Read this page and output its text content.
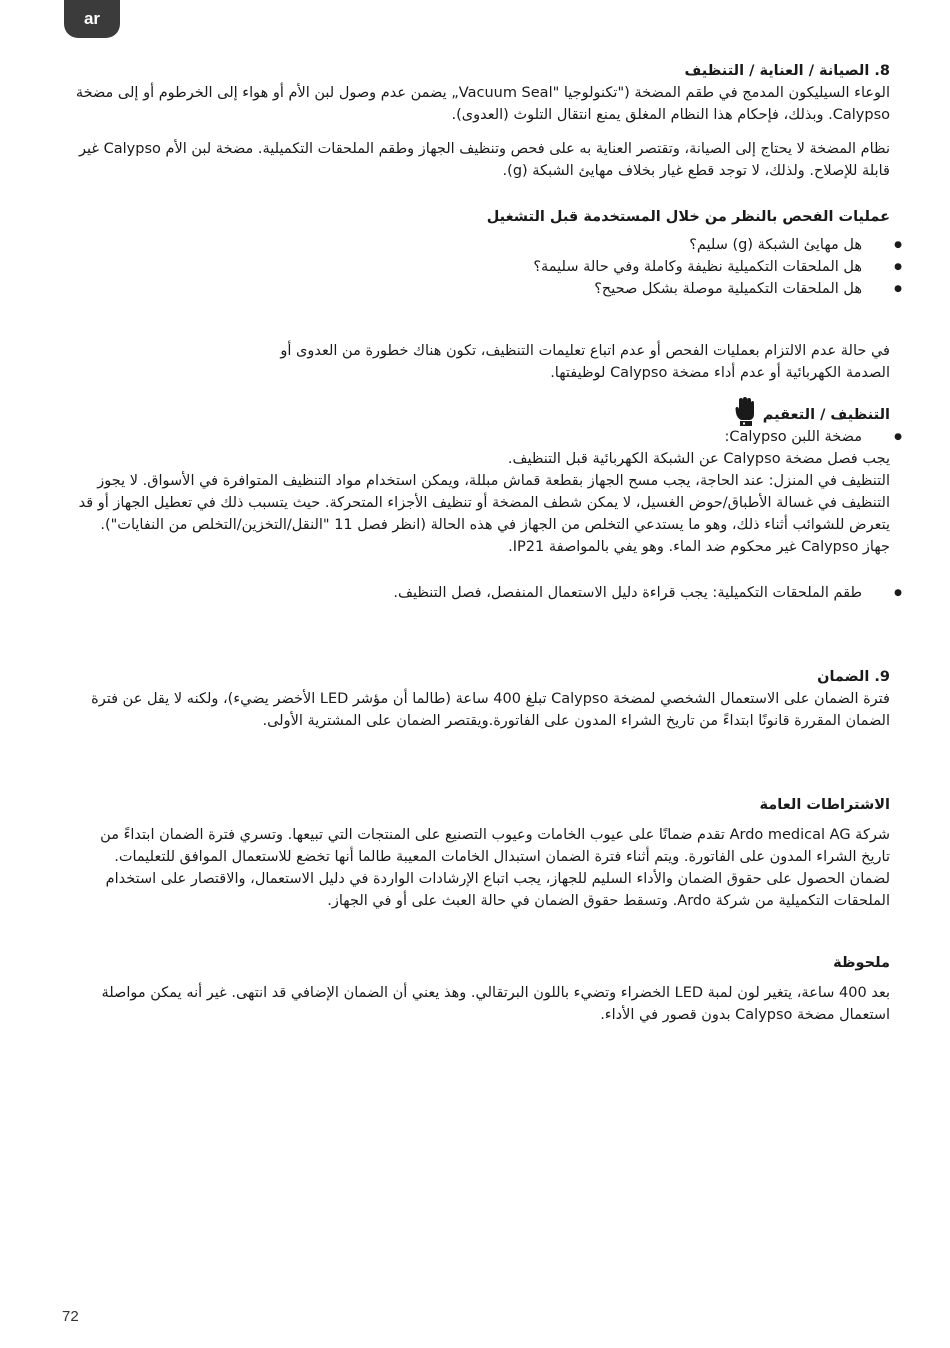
ar

8. الصيانة / العناية / التنظيف

الوعاء السيليكون المدمج في طقم المضخة ("تكنولوجيا "Vacuum Seal„ يضمن عدم وصول لبن الأم أو هواء إلى الخرطوم أو إلى مضخة Calypso. وبذلك، فإحكام هذا النظام المغلق يمنع انتقال التلوث (العدوى).

نظام المضخة لا يحتاج إلى الصيانة، وتقتصر العناية به على فحص وتنظيف الجهاز وطقم الملحقات التكميلية. مضخة لبن الأم Calypso غير قابلة للإصلاح. ولذلك، لا توجد قطع غيار بخلاف مهايئ الشبكة (g).

عمليات الفحص بالنظر من خلال المستخدمة قبل التشغيل

● هل مهايئ الشبكة (g) سليم؟
● هل الملحقات التكميلية نظيفة وكاملة وفي حالة سليمة؟
● هل الملحقات التكميلية موصلة بشكل صحيح؟

في حالة عدم الالتزام بعمليات الفحص أو عدم اتباع تعليمات التنظيف، تكون هناك خطورة من العدوى أو الصدمة الكهربائية أو عدم أداء مضخة Calypso لوظيفتها.

التنظيف / التعقيم
● مضخة اللبن Calypso:

يجب فصل مضخة Calypso عن الشبكة الكهربائية قبل التنظيف.

التنظيف في المنزل: عند الحاجة، يجب مسح الجهاز بقطعة قماش مبللة، ويمكن استخدام مواد التنظيف المتوافرة في الأسواق. لا يجوز التنظيف في غسالة الأطباق/حوض الغسيل، لا يمكن شطف المضخة أو تنظيف الأجزاء المتحركة. حيث يتسبب ذلك في تعطيل الجهاز أو قد يتعرض للشوائب أثناء ذلك، وهو ما يستدعي التخلص من الجهاز في هذه الحالة (انظر فصل 11 "النقل/التخزين/التخلص من النفايات").

جهاز Calypso غير محكوم ضد الماء. وهو يفي بالمواصفة IP21.

● طقم الملحقات التكميلية: يجب قراءة دليل الاستعمال المنفصل، فصل التنظيف.

9. الضمان

فترة الضمان على الاستعمال الشخصي لمضخة Calypso تبلغ 400 ساعة (طالما أن مؤشر LED الأخضر يضيء)، ولكنه لا يقل عن فترة الضمان المقررة قانونًا ابتداءً من تاريخ الشراء المدون على الفاتورة.ويقتصر الضمان على المشترية الأولى.

الاشتراطات العامة

شركة Ardo medical AG تقدم ضمانًا على عيوب الخامات وعيوب التصنيع على المنتجات التي تبيعها. وتسري فترة الضمان ابتداءً من تاريخ الشراء المدون على الفاتورة. ويتم أثناء فترة الضمان استبدال الخامات المعيبة طالما أنها تخضع للاستعمال الموافق للتعليمات. لضمان الحصول على حقوق الضمان والأداء السليم للجهاز، يجب اتباع الإرشادات الواردة في دليل الاستعمال، والاقتصار على استخدام الملحقات التكميلية من شركة Ardo. وتسقط حقوق الضمان في حالة العبث على أو في الجهاز.

ملحوظة

بعد 400 ساعة، يتغير لون لمبة LED الخضراء وتضيء باللون البرتقالي. وهذ يعني أن الضمان الإضافي قد انتهى. غير أنه يمكن مواصلة استعمال مضخة Calypso بدون قصور في الأداء.

72
